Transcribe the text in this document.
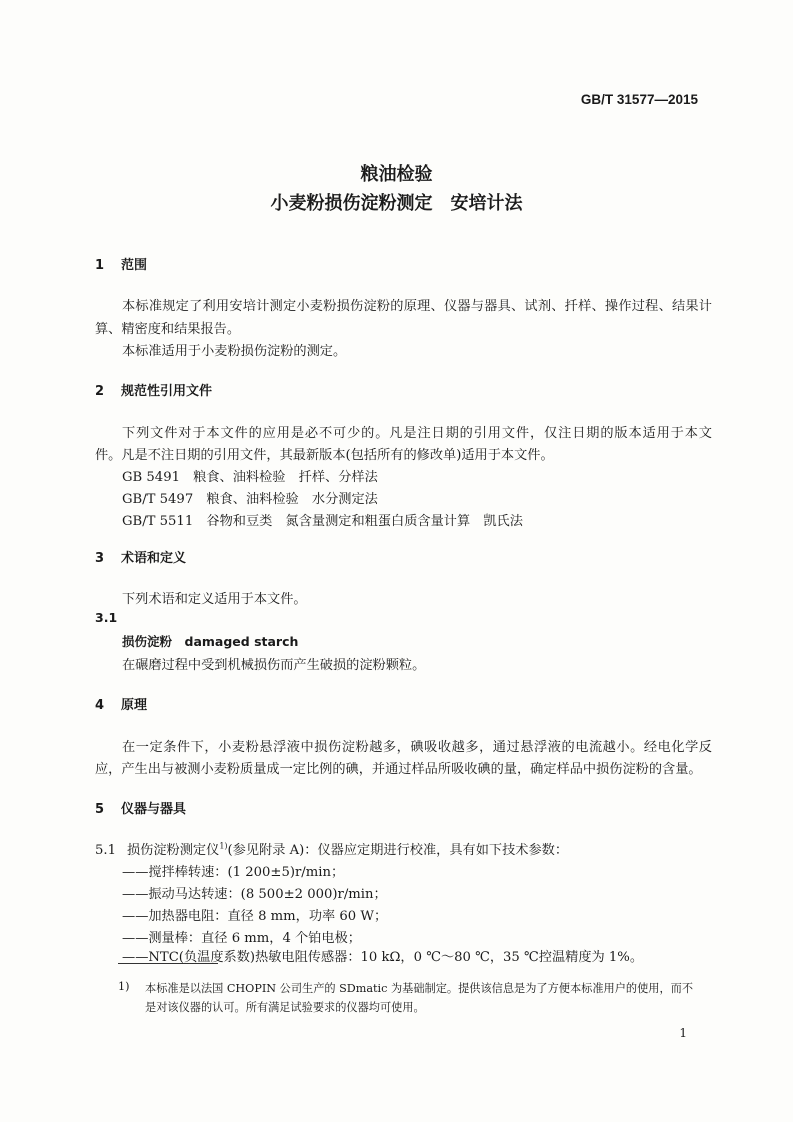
GB/T 31577—2015
粮油检验
小麦粉损伤淀粉测定　安培计法
1 范围
本标准规定了利用安培计测定小麦粉损伤淀粉的原理、仪器与器具、试剂、扦样、操作过程、结果计
算、精密度和结果报告。
本标准适用于小麦粉损伤淀粉的测定。
2 规范性引用文件
下列文件对于本文件的应用是必不可少的。凡是注日期的引用文件，仅注日期的版本适用于本文
件。凡是不注日期的引用文件，其最新版本(包括所有的修改单)适用于本文件。
GB 5491　粮食、油料检验　扦样、分样法
GB/T 5497　粮食、油料检验　水分测定法
GB/T 5511　谷物和豆类　氮含量测定和粗蛋白质含量计算　凯氏法
3 术语和定义
下列术语和定义适用于本文件。
3.1
损伤淀粉　damaged starch
在碾磨过程中受到机械损伤而产生破损的淀粉颗粒。
4 原理
在一定条件下，小麦粉悬浮液中损伤淀粉越多，碘吸收越多，通过悬浮液的电流越小。经电化学反
应，产生出与被测小麦粉质量成一定比例的碘，并通过样品所吸收碘的量，确定样品中损伤淀粉的含量。
5 仪器与器具
5.1 损伤淀粉测定仪$^{1)}$(参见附录 A)：仪器应定期进行校准，具有如下技术参数：
——搅拌棒转速：(1 200±5)r/min；
——振动马达转速：(8 500±2 000)r/min；
——加热器电阻：直径 8 mm，功率 60 W；
——测量棒：直径 6 mm，4 个铂电极；
——NTC(负温度系数)热敏电阻传感器：10 kΩ，0 ℃～80 ℃，35 ℃控温精度为 1%。
1) 本标准是以法国 CHOPIN 公司生产的 SDmatic 为基础制定。提供该信息是为了方便本标准用户的使用，而不
是对该仪器的认可。所有满足试验要求的仪器均可使用。
1
